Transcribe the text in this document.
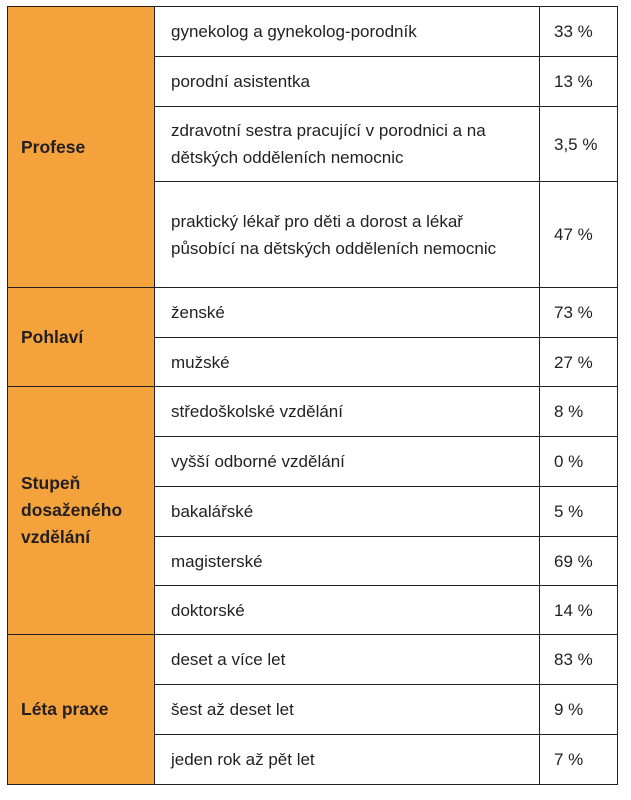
Profese	gynekolog a gynekolog-porodník	33 %
	porodní asistentka	13 %
	zdravotní sestra pracující v porodnici a na dětských odděleních nemocnic	3,5 %
	praktický lékař pro děti a dorost a lékař působící na dětských odděleních nemocnic	47 %
Pohlaví	ženské	73 %
	mužské	27 %
Stupeň dosaženého vzdělání	středoškolské vzdělání	8 %
	vyšší odborné vzdělání	0 %
	bakalářské	5 %
	magisterské	69 %
	doktorské	14 %
Léta praxe	deset a více let	83 %
	šest až deset let	9 %
	jeden rok až pět let	7 %
